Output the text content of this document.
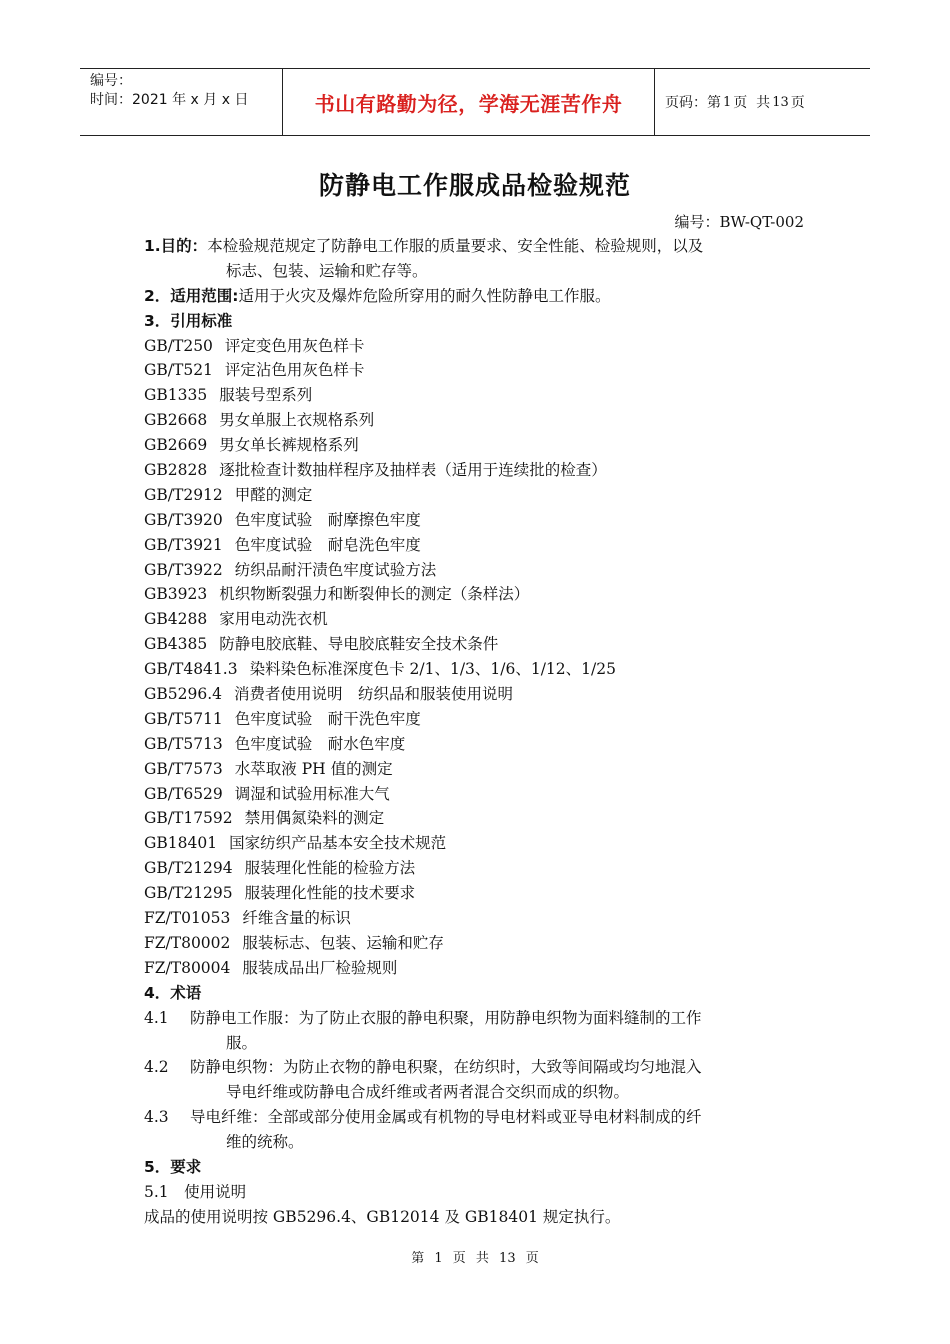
编号：
时间：2021 年 x 月 x 日	书山有路勤为径，学海无涯苦作舟	页码：第 1 页  共 13 页
防静电工作服成品检验规范
编号：BW-QT-002
1.目的：本检验规范规定了防静电工作服的质量要求、安全性能、检验规则，以及
标志、包装、运输和贮存等。
2．适用范围:适用于火灾及爆炸危险所穿用的耐久性防静电工作服。
3．引用标准
GB/T250 评定变色用灰色样卡
GB/T521 评定沾色用灰色样卡
GB1335 服装号型系列
GB2668 男女单服上衣规格系列
GB2669 男女单长裤规格系列
GB2828 逐批检查计数抽样程序及抽样表（适用于连续批的检查）
GB/T2912 甲醛的测定
GB/T3920 色牢度试验　耐摩擦色牢度
GB/T3921 色牢度试验　耐皂洗色牢度
GB/T3922 纺织品耐汗渍色牢度试验方法
GB3923 机织物断裂强力和断裂伸长的测定（条样法）
GB4288 家用电动洗衣机
GB4385 防静电胶底鞋、导电胶底鞋安全技术条件
GB/T4841.3 染料染色标准深度色卡 2/1、1/3、1/6、1/12、1/25
GB5296.4 消费者使用说明　纺织品和服装使用说明
GB/T5711 色牢度试验　耐干洗色牢度
GB/T5713 色牢度试验　耐水色牢度
GB/T7573 水萃取液 PH 值的测定
GB/T6529 调湿和试验用标准大气
GB/T17592 禁用偶氮染料的测定
GB18401 国家纺织产品基本安全技术规范
GB/T21294 服装理化性能的检验方法
GB/T21295 服装理化性能的技术要求
FZ/T01053 纤维含量的标识
FZ/T80002 服装标志、包装、运输和贮存
FZ/T80004 服装成品出厂检验规则
4．术语
4.1 防静电工作服：为了防止衣服的静电积聚，用防静电织物为面料缝制的工作
服。
4.2 防静电织物：为防止衣物的静电积聚，在纺织时，大致等间隔或均匀地混入
导电纤维或防静电合成纤维或者两者混合交织而成的织物。
4.3 导电纤维：全部或部分使用金属或有机物的导电材料或亚导电材料制成的纤
维的统称。
5．要求
5.1　使用说明
成品的使用说明按 GB5296.4、GB12014 及 GB18401 规定执行。
第 1 页 共 13 页
